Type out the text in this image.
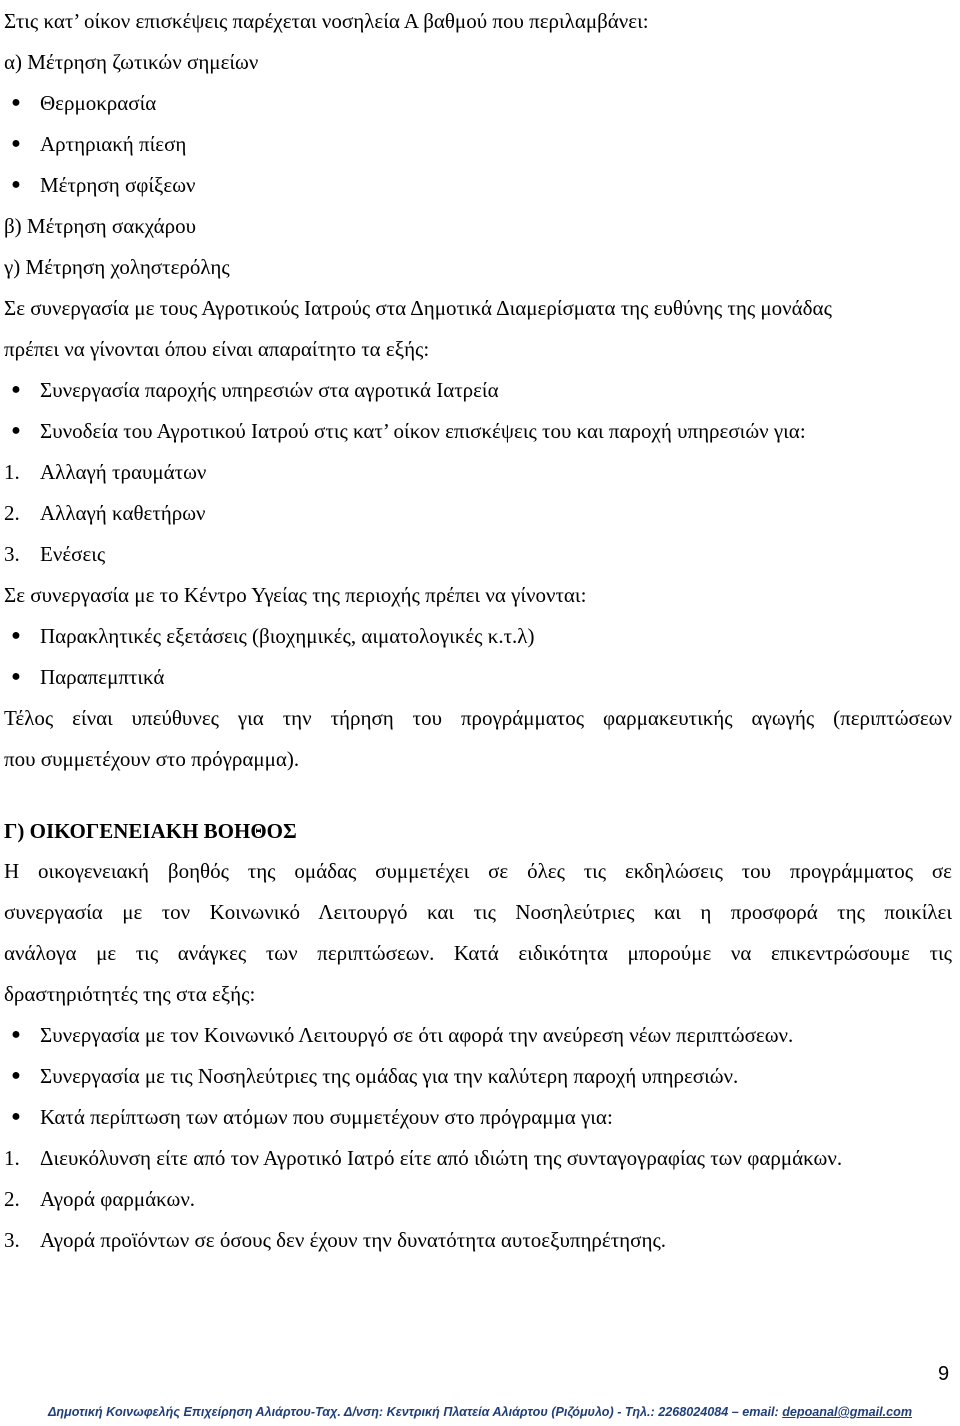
Στις κατ’ οίκον επισκέψεις παρέχεται νοσηλεία Α βαθμού που περιλαμβάνει:
α) Μέτρηση ζωτικών σημείων
● Θερμοκρασία
● Αρτηριακή πίεση
● Μέτρηση σφίξεων
β) Μέτρηση σακχάρου
γ) Μέτρηση χοληστερόλης
Σε συνεργασία με τους Αγροτικούς Ιατρούς στα Δημοτικά Διαμερίσματα της ευθύνης της μονάδας
πρέπει να γίνονται όπου είναι απαραίτητο τα εξής:
● Συνεργασία παροχής υπηρεσιών στα αγροτικά Ιατρεία
● Συνοδεία του Αγροτικού Ιατρού στις κατ’ οίκον επισκέψεις του και παροχή υπηρεσιών για:
1. Αλλαγή τραυμάτων
2. Αλλαγή καθετήρων
3. Ενέσεις
Σε συνεργασία με το Κέντρο Υγείας της περιοχής πρέπει να γίνονται:
● Παρακλητικές εξετάσεις (βιοχημικές, αιματολογικές κ.τ.λ)
● Παραπεμπτικά
Τέλος είναι υπεύθυνες για την τήρηση του προγράμματος φαρμακευτικής αγωγής (περιπτώσεων
που συμμετέχουν στο πρόγραμμα).
Γ) ΟΙΚΟΓΕΝΕΙΑΚΗ ΒΟΗΘΟΣ
Η οικογενειακή βοηθός της ομάδας συμμετέχει σε όλες τις εκδηλώσεις του προγράμματος σε
συνεργασία με τον Κοινωνικό Λειτουργό και τις Νοσηλεύτριες και η προσφορά της ποικίλει
ανάλογα με τις ανάγκες των περιπτώσεων. Κατά ειδικότητα μπορούμε να επικεντρώσουμε τις
δραστηριότητές της στα εξής:
● Συνεργασία με τον Κοινωνικό Λειτουργό σε ότι αφορά την ανεύρεση νέων περιπτώσεων.
● Συνεργασία με τις Νοσηλεύτριες της ομάδας για την καλύτερη παροχή υπηρεσιών.
● Κατά περίπτωση των ατόμων που συμμετέχουν στο πρόγραμμα για:
1. Διευκόλυνση είτε από τον Αγροτικό Ιατρό είτε από ιδιώτη της συνταγογραφίας των φαρμάκων.
2. Αγορά φαρμάκων.
3. Αγορά προϊόντων σε όσους δεν έχουν την δυνατότητα αυτοεξυπηρέτησης.
9
Δημοτική Κοινωφελής Επιχείρηση Αλιάρτου-Ταχ. Δ/νση: Κεντρική Πλατεία Αλιάρτου (Ριζόμυλο) - Τηλ.: 2268024084 – email: depoanal@gmail.com
